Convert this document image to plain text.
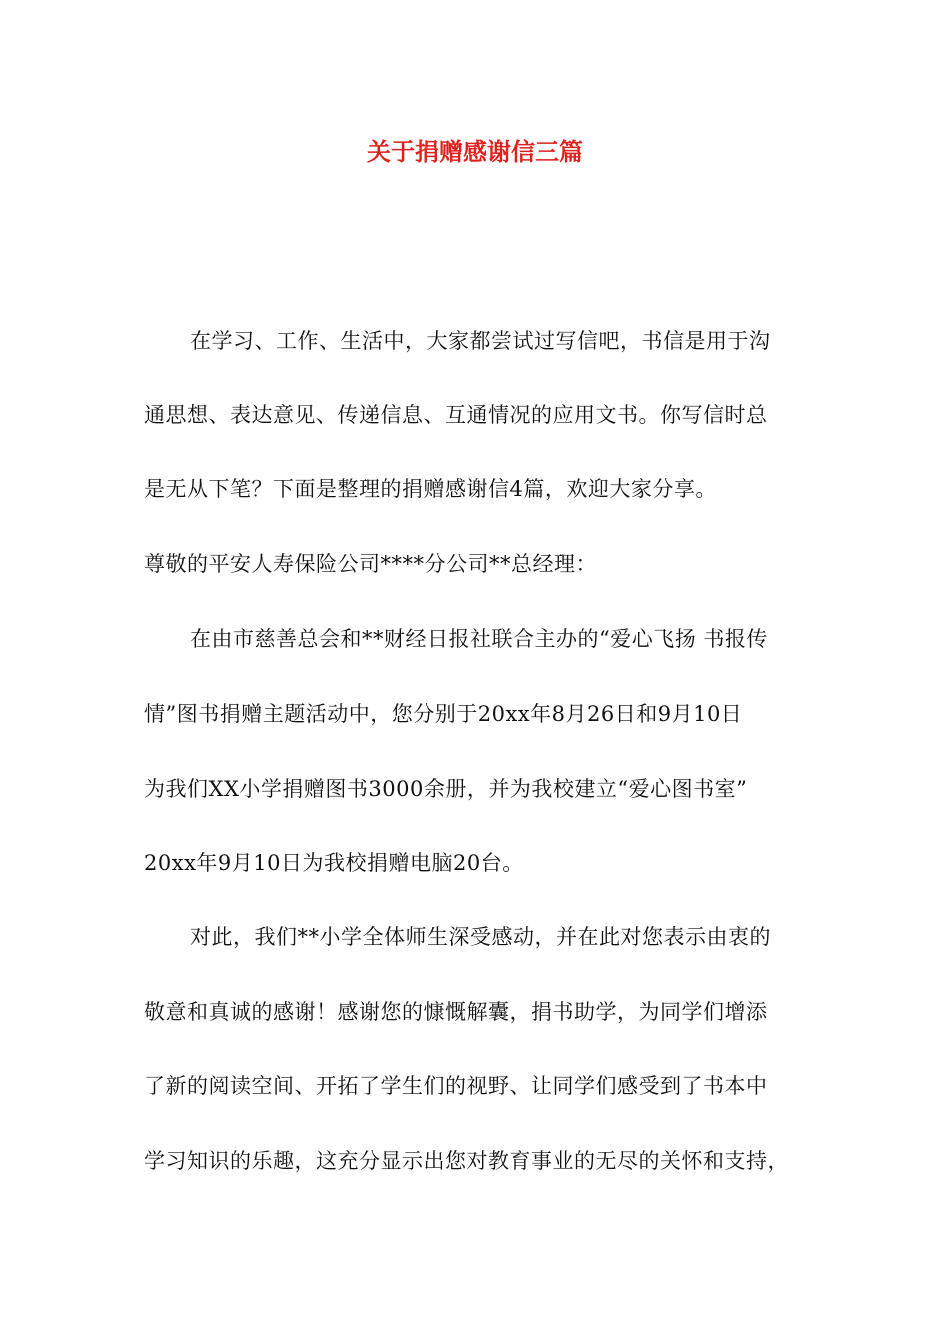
关于捐赠感谢信三篇
在学习、工作、生活中，大家都尝试过写信吧，书信是用于沟
通思想、表达意见、传递信息、互通情况的应用文书。你写信时总
是无从下笔？下面是整理的捐赠感谢信4篇，欢迎大家分享。
尊敬的平安人寿保险公司****分公司**总经理：
在由市慈善总会和**财经日报社联合主办的“爱心飞扬 书报传
情”图书捐赠主题活动中，您分别于20xx年8月26日和9月10日
为我们XX小学捐赠图书3000余册，并为我校建立“爱心图书室”
20xx年9月10日为我校捐赠电脑20台。
对此，我们**小学全体师生深受感动，并在此对您表示由衷的
敬意和真诚的感谢！感谢您的慷慨解囊，捐书助学，为同学们增添
了新的阅读空间、开拓了学生们的视野、让同学们感受到了书本中
学习知识的乐趣，这充分显示出您对教育事业的无尽的关怀和支持，
